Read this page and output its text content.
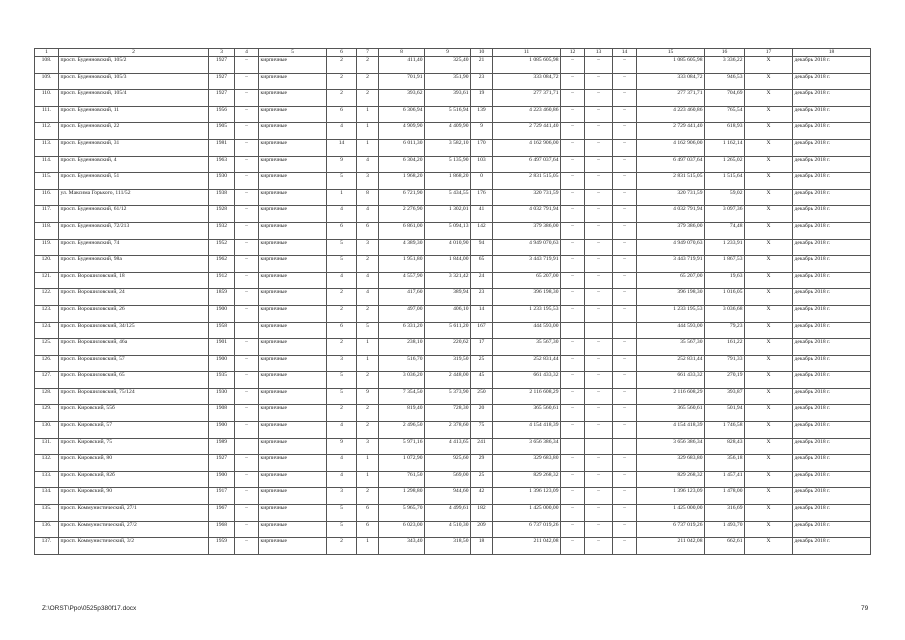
1	2	3	4	5	6	7	8	9	10	11	12	13	14	15	16	17	18
108.	просп. Буденновский, 105/2	1927	–	кирпичные	2	2	411,40	325,40	21	1 085 605,98	–	–	–	1 085 605,98	3 336,22	X	декабрь 2018 г.
109.	просп. Буденновский, 105/3	1927	–	кирпичные	2	2	701,91	351,90	23	333 084,72	–	–	–	333 084,72	946,53	X	декабрь 2018 г.
110.	просп. Буденновский, 105/4	1927	–	кирпичные	2	2	393,62	393,61	19	277 371,71	–	–	–	277 371,71	704,69	X	декабрь 2018 г.
111.	просп. Буденновский, 11	1956	–	кирпичные	6	1	6 306,94	5 516,94	139	4 223 460,86	–	–	–	4 223 460,86	765,54	X	декабрь 2018 г.
112.	просп. Буденновский, 22	1905	–	кирпичные	4	1	4 909,90	4 409,90	9	2 729 441,40	–	–	–	2 729 441,40	618,93	X	декабрь 2018 г.
113.	просп. Буденновский, 31	1981	–	кирпичные	14	1	6 011,30	3 582,10	170	4 162 906,00	–	–	–	4 162 906,00	1 162,14	X	декабрь 2018 г.
114.	просп. Буденновский, 4	1963	–	кирпичные	9	4	6 304,20	5 135,90	103	6 497 037,64	–	–	–	6 497 037,64	1 265,02	X	декабрь 2018 г.
115.	просп. Буденновский, 51	1930	–	кирпичные	5	3	1 968,20	1 868,20	0	2 831 515,05	–	–	–	2 831 515,05	1 515,64	X	декабрь 2018 г.
116.	ул. Максима Горького, 111/52	1938	–	кирпичные	1	8	6 721,90	5 434,55	176	320 731,59	–	–	–	320 731,59	59,02	X	декабрь 2018 г.
117.	просп. Буденновский, 61/12	1928	–	кирпичные	4	4	2 276,90	1 302,01	41	4 032 791,94	–	–	–	4 032 791,94	3 097,36	X	декабрь 2018 г.
118.	просп. Буденновский, 72/213	1932	–	кирпичные	6	6	6 861,00	5 094,13	142	379 386,00	–	–	–	379 386,00	74,48	X	декабрь 2018 г.
119.	просп. Буденновский, 74	1952	–	кирпичные	5	3	4 389,30	4 010,90	94	4 949 070,63	–	–	–	4 949 070,63	1 233,91	X	декабрь 2018 г.
120.	просп. Буденновский, 98а	1962	–	кирпичные	5	2	1 951,80	1 844,00	65	3 443 719,91	–	–	–	3 443 719,91	1 867,53	X	декабрь 2018 г.
121.	просп. Ворошиловский, 18	1912	–	кирпичные	4	4	4 557,90	3 321,42	24	65 207,00	–	–	–	65 207,00	19,63	X	декабрь 2018 г.
122.	просп. Ворошиловский, 24	1859	–	кирпичные	2	4	417,60	389,94	23	396 198,30	–	–	–	396 198,30	1 016,05	X	декабрь 2018 г.
123.	просп. Ворошиловский, 26	1900	–	кирпичные	2	2	497,00	406,10	14	1 233 195,53	–	–	–	1 233 195,53	3 036,68	X	декабрь 2018 г.
124.	просп. Ворошиловский, 34/125	1958		кирпичные	6	5	6 331,20	5 611,20	167	444 593,00				444 593,00	79,23	X	декабрь 2018 г.
125.	просп. Ворошиловский, 46а	1901	–	кирпичные	2	1	238,10	220,62	17	35 567,30	–	–	–	35 567,30	161,22	X	декабрь 2018 г.
126.	просп. Ворошиловский, 57	1900	–	кирпичные	3	1	516,70	319,50	25	252 831,44	–	–	–	252 831,44	791,33	X	декабрь 2018 г.
127.	просп. Ворошиловский, 65	1935	–	кирпичные	5	2	3 036,20	2 448,00	45	661 433,32	–	–	–	661 433,32	270,19	X	декабрь 2018 г.
128.	просп. Ворошиловский, 75/124	1930	–	кирпичные	5	9	7 354,50	5 373,90	250	2 116 608,29	–	–	–	2 116 608,29	393,87	X	декабрь 2018 г.
129.	просп. Кировский, 55б	1908	–	кирпичные	2	2	819,40	728,30	20	365 560,61	–	–	–	365 560,61	501,94	X	декабрь 2018 г.
130.	просп. Кировский, 57	1900	–	кирпичные	4	2	2 496,50	2 378,60	75	4 154 418,39	–	–	–	4 154 418,39	1 746,58	X	декабрь 2018 г.
131.	просп. Кировский, 75	1989		кирпичные	9	3	5 971,16	4 413,65	241	3 656 386,34				3 656 386,34	828,43	X	декабрь 2018 г.
132.	просп. Кировский, 80	1927	–	кирпичные	4	1	1 072,90	925,60	29	329 683,80	–	–	–	329 683,80	356,18	X	декабрь 2018 г.
133.	просп. Кировский, 82б	1900	–	кирпичные	4	1	761,50	569,00	25	829 268,32	–	–	–	829 268,32	1 457,41	X	декабрь 2018 г.
134.	просп. Кировский, 90	1917	–	кирпичные	3	2	1 298,80	944,60	42	1 396 123,09	–	–	–	1 396 123,09	1 478,00	X	декабрь 2018 г.
135.	просп. Коммунистический, 27/1	1967	–	кирпичные	5	6	5 965,70	4 499,61	182	1 425 000,00	–	–	–	1 425 000,00	316,69	X	декабрь 2018 г.
136.	просп. Коммунистический, 27/2	1968	–	кирпичные	5	6	6 023,00	4 510,30	209	6 737 019,26	–	–	–	6 737 019,26	1 493,70	X	декабрь 2018 г.
137.	просп. Коммунистический, 3/2	1959	–	кирпичные	2	1	343,40	318,50	18	211 042,08	–	–	–	211 042,08	662,61	X	декабрь 2018 г.
Z:\ORST\Ppo\0525p380f17.docx	79
